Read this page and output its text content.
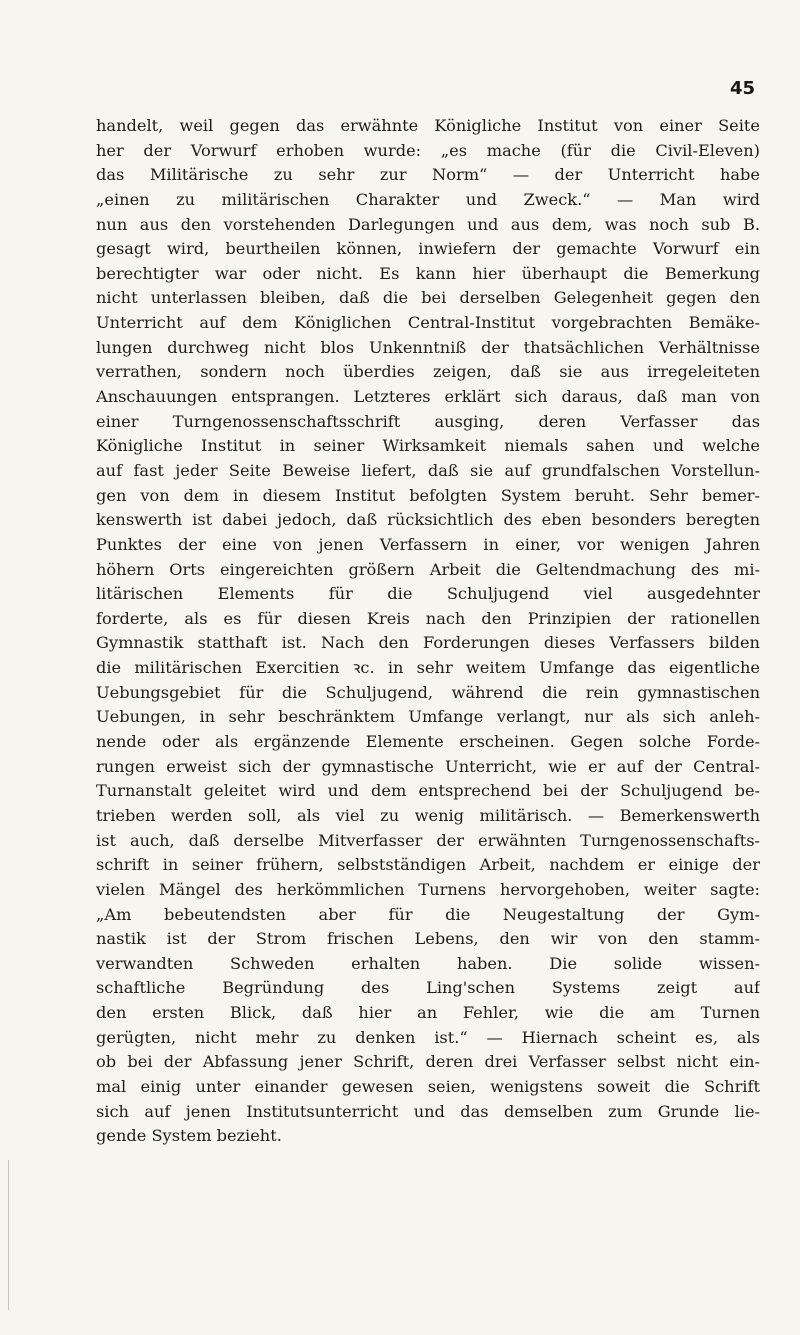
45
handelt, weil gegen das erwähnte Königliche Institut von einer Seite
her der Vorwurf erhoben wurde: „es mache (für die Civil-Eleven)
das Militärische zu sehr zur Norm“ — der Unterricht habe
„einen zu militärischen Charakter und Zweck.“ — Man wird
nun aus den vorstehenden Darlegungen und aus dem, was noch sub B.
gesagt wird, beurtheilen können, inwiefern der gemachte Vorwurf ein
berechtigter war oder nicht. Es kann hier überhaupt die Bemerkung
nicht unterlassen bleiben, daß die bei derselben Gelegenheit gegen den
Unterricht auf dem Königlichen Central-Institut vorgebrachten Bemäke-
lungen durchweg nicht blos Unkenntniß der thatsächlichen Verhältnisse
verrathen, sondern noch überdies zeigen, daß sie aus irregeleiteten
Anschauungen entsprangen. Letzteres erklärt sich daraus, daß man von
einer Turngenossenschaftsschrift ausging, deren Verfasser das
Königliche Institut in seiner Wirksamkeit niemals sahen und welche
auf fast jeder Seite Beweise liefert, daß sie auf grundfalschen Vorstellun-
gen von dem in diesem Institut befolgten System beruht. Sehr bemer-
kenswerth ist dabei jedoch, daß rücksichtlich des eben besonders beregten
Punktes der eine von jenen Verfassern in einer, vor wenigen Jahren
höhern Orts eingereichten größern Arbeit die Geltendmachung des mi-
litärischen Elements für die Schuljugend viel ausgedehnter
forderte, als es für diesen Kreis nach den Prinzipien der rationellen
Gymnastik statthaft ist. Nach den Forderungen dieses Verfassers bilden
die militärischen Exercitien ꝛc. in sehr weitem Umfange das eigentliche
Uebungsgebiet für die Schuljugend, während die rein gymnastischen
Uebungen, in sehr beschränktem Umfange verlangt, nur als sich anleh-
nende oder als ergänzende Elemente erscheinen. Gegen solche Forde-
rungen erweist sich der gymnastische Unterricht, wie er auf der Central-
Turnanstalt geleitet wird und dem entsprechend bei der Schuljugend be-
trieben werden soll, als viel zu wenig militärisch. — Bemerkenswerth
ist auch, daß derselbe Mitverfasser der erwähnten Turngenossenschafts-
schrift in seiner frühern, selbstständigen Arbeit, nachdem er einige der
vielen Mängel des herkömmlichen Turnens hervorgehoben, weiter sagte:
„Am bebeutendsten aber für die Neugestaltung der Gym-
nastik ist der Strom frischen Lebens, den wir von den stamm-
verwandten Schweden erhalten haben. Die solide wissen-
schaftliche Begründung des Ling'schen Systems zeigt auf
den ersten Blick, daß hier an Fehler, wie die am Turnen
gerügten, nicht mehr zu denken ist.“ — Hiernach scheint es, als
ob bei der Abfassung jener Schrift, deren drei Verfasser selbst nicht ein-
mal einig unter einander gewesen seien, wenigstens soweit die Schrift
sich auf jenen Institutsunterricht und das demselben zum Grunde lie-
gende System bezieht.
